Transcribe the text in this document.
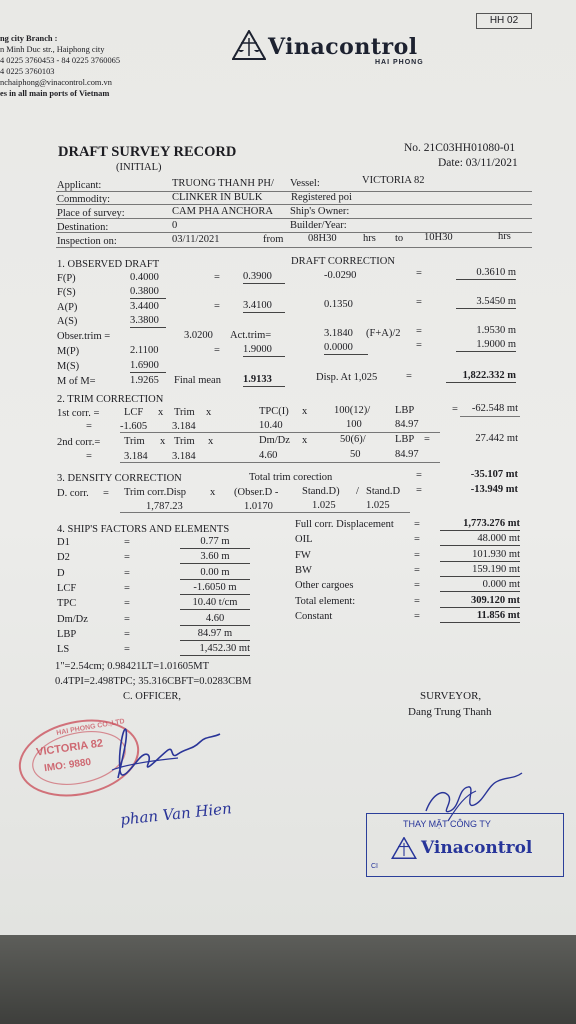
HH 02
ng city Branch :
n Minh Duc str., Haiphong city
4 0225 3760453 - 84 0225 3760065
4 0225 3760103
nchaiphong@vinacontrol.com.vn
es in all main ports of Vietnam
Vinacontrol
HAI PHONG
DRAFT SURVEY RECORD
(INITIAL)
No. 21C03HH01080-01
Date: 03/11/2021
Applicant:	TRUONG THANH PH/ Vessel:	VICTORIA 82
Commodity:	CLINKER IN BULK	Registered poi
Place of survey:	CAM PHA ANCHORA Ship's Owner:
Destination:	0	Builder/Year:
Inspection on:	03/11/2021	from 08H30	hrs to 10H30	hrs
1. OBSERVED DRAFT	DRAFT CORRECTION
F(P)	0.4000	= 0.3900	-0.0290	=	0.3610 m
F(S)	0.3800
A(P)	3.4400	= 3.4100	0.1350	=	3.5450 m
A(S)	3.3800
Obser.trim =	3.0200 Act.trim=	3.1840 (F+A)/2 =	1.9530 m
M(P)	2.1100	= 1.9000	0.0000	=	1.9000 m
M(S)	1.6900
M of M=	1.9265 Final mean 1.9133	Disp. At 1,025	=	1,822.332 m
2. TRIM CORRECTION
1st corr. = LCF x Trim x	TPC(I) x	100(12)/ LBP	=	-62.548 mt
=	-1.605 3.184	10.40	100	84.97
2nd corr.= Trim x Trim x	Dm/Dz x	50(6)/	LBP =	27.442 mt
=	3.184 3.184	4.60	50	84.97
3. DENSITY CORRECTION	Total trim corection	=	-35.107 mt
D. corr. = Trim corr.Disp x (Obser.D - Stand.D) / Stand.D =	-13.949 mt
1,787.23	1.0170	1.025	1.025
4. SHIP'S FACTORS AND ELEMENTS
D1	=	0.77 m
D2	=	3.60 m
D	=	0.00 m
LCF	=	-1.6050 m
TPC	=	10.40 t/cm
Dm/Dz	=	4.60
LBP	=	84.97 m
LS	=	1,452.30 mt
Full corr. Displacement =	1,773.276 mt
OIL	=	48.000 mt
FW	=	101.930 mt
BW	=	159.190 mt
Other cargoes	=	0.000 mt
Total element:	=	309.120 mt
Constant	=	11.856 mt
1"=2.54cm; 0.98421LT=1.01605MT
0.4TPI=2.498TPC; 35.316CBFT=0.0283CBM
C. OFFICER,	SURVEYOR,
Dang Trung Thanh
HAI PHONG CO.,LTD
VICTORIA 82
IMO: 9880
phan Van Hien	THAY MẶT CÔNG TY
Vinacontrol
CI
